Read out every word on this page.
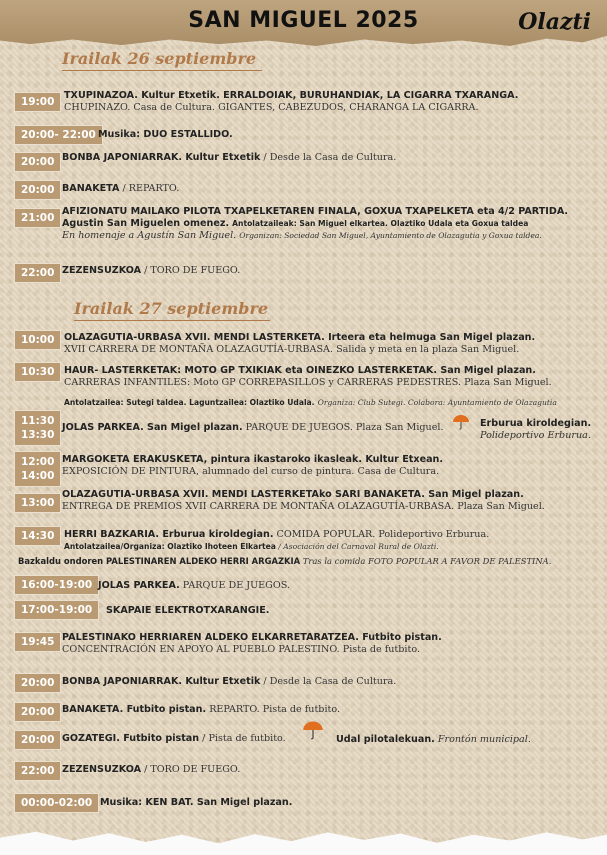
SAN MIGUEL 2025	Olazti
Irailak 26 septiembre
19:00
TXUPINAZOA. Kultur Etxetik. ERRALDOIAK, BURUHANDIAK, LA CIGARRA TXARANGA.
CHUPINAZO. Casa de Cultura. GIGANTES, CABEZUDOS, CHARANGA LA CIGARRA.
20:00- 22:00 Musika: DUO ESTALLIDO.
20:00 BONBA JAPONIARRAK. Kultur Etxetik / Desde la Casa de Cultura.
20:00 BANAKETA / REPARTO.
21:00
AFIZIONATU MAILAKO PILOTA TXAPELKETAREN FINALA, GOXUA TXAPELKETA eta 4/2 PARTIDA.
Agustin San Miguelen omenez. Antolatzaileak: San Miguel elkartea. Olaztiko Udala eta Goxua taldea
En homenaje a Agustín San Miguel. Organizan: Sociedad San Miguel, Ayuntamiento de Olazagutia y Goxua taldea.
22:00 ZEZENSUZKOA / TORO DE FUEGO.
Irailak 27 septiembre
10:00 OLAZAGUTIA-URBASA XVII. MENDI LASTERKETA. Irteera eta helmuga San Migel plazan.
XVII CARRERA DE MONTAÑA OLAZAGUTÍA-URBASA. Salida y meta en la plaza San Miguel.
10:30 HAUR- LASTERKETAK: MOTO GP TXIKIAK eta OINEZKO LASTERKETAK. San Migel plazan.
CARRERAS INFANTILES: Moto GP CORREPASILLOS y CARRERAS PEDESTRES. Plaza San Miguel.
Antolatzailea: Sutegi taldea. Laguntzailea: Olaztiko Udala. Organiza: Club Sutegi. Colabora: Ayuntamiento de Olazagutia
11:30
13:30
JOLAS PARKEA. San Migel plazan. PARQUE DE JUEGOS. Plaza San Miguel.	Erburua kiroldegian.
Polideportivo Erburua.
12:00
14:00
MARGOKETA ERAKUSKETA, pintura ikastaroko ikasleak. Kultur Etxean.
EXPOSICIÓN DE PINTURA, alumnado del curso de pintura. Casa de Cultura.
13:00
OLAZAGUTIA-URBASA XVII. MENDI LASTERKETAko SARI BANAKETA. San Migel plazan.
ENTREGA DE PREMIOS XVII CARRERA DE MONTAÑA OLAZAGUTÍA-URBASA. Plaza San Miguel.
14:30 HERRI BAZKARIA. Erburua kiroldegian. COMIDA POPULAR. Polideportivo Erburua.
Antolatzailea/Organiza: Olaztiko Ihoteen Elkartea / Asociación del Carnaval Rural de Olazti.
Bazkaldu ondoren PALESTINAREN ALDEKO HERRI ARGAZKIA Tras la comida FOTO POPULAR A FAVOR DE PALESTINA.
16:00-19:00 JOLAS PARKEA. PARQUE DE JUEGOS.
17:00-19:00 SKAPAIE ELEKTROTXARANGIE.
19:45 PALESTINAKO HERRIAREN ALDEKO ELKARRETARATZEA. Futbito pistan.
CONCENTRACIÓN EN APOYO AL PUEBLO PALESTINO. Pista de futbito.
20:00 BONBA JAPONIARRAK. Kultur Etxetik / Desde la Casa de Cultura.
20:00 BANAKETA. Futbito pistan. REPARTO. Pista de futbito.
20:00 GOZATEGI. Futbito pistan / Pista de futbito.	Udal pilotalekuan. Frontón municipal.
22:00 ZEZENSUZKOA / TORO DE FUEGO.
00:00-02:00 Musika: KEN BAT. San Migel plazan.
